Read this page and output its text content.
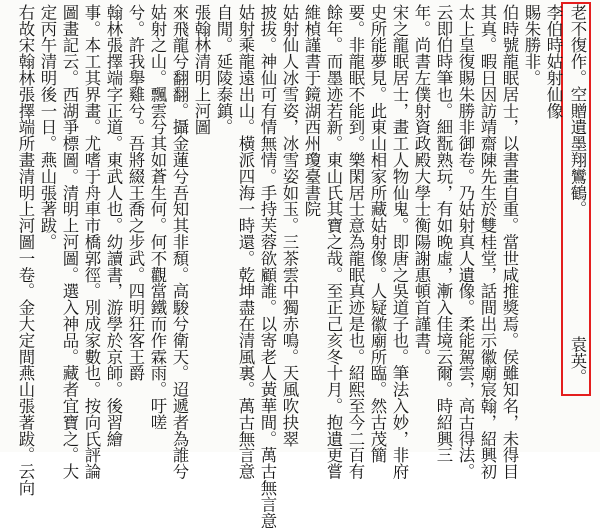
老不復作。空贈遺墨翔鸞鶴。
袁英。
李伯時姑射仙像
賜朱勝非。
伯時號龍眠居士，以書畫自重。當世咸推獎焉。侯雖知名，未得目
其真。暇日因訪靖齋陳先生於雙桂堂，話間出示徽廟宸翰，紹興初
太上皇復賜朱勝非御卷。乃姑射真人遺像。柔能駕雲，高古得法。
云即伯時筆也。細翫熟玩，有如晚虛，漸入佳境云爾。時紹興三
年。尚書左僕射資政殿大學士衡陽謝惠頓首謹書。
宋之龍眠居士，畫工人物仙鬼。即唐之吳道子也。筆法入妙，非府
史所能夢見。此東山相家所藏姑射像。人疑徽廟所臨。然古茂簡
要。非龍眠不能到。樂閑居士意為龍眠真迹是也。紹熙至今二百有
餘年。而墨迹若新。東山氏其寶之哉。至正己亥冬十月。抱遺更嘗
維楨謹書于鏡湖西州瓊臺書院
姑射仙人冰雪姿，冰雪姿如玉。三茶雲中獨赤鳴。天風吹抉翠
披拔。神仙可有情無情。手持芙蓉欲顧誰。以寄老人黃華間。萬古無言意
姑射乘龍遠出山。橫派四海一時還。乾坤盡在清風裏。萬古無言意
自閒。延陵泰鎮。
張翰林清明上河圖
來飛龍兮翻翻。攝金蓮兮吾知其非頹。高駿兮衛天。迢遞者為誰兮
姑射之山。飄雲兮其如蒼生何。何不觀當鐵而作霖雨。吁嗟
兮。許我舉雞兮。吾將綴王喬之步武。四明狂客王爵
翰林張擇端字正道。東武人也。幼讀書，游學於京師。後習繪
事。本工其界畫。尤嗜于舟車市橋郭徑。別成家數也。按向氏評論
圖畫記云。西湖爭標圖。清明上河圖。選入神品。藏者宜寶之。大
定丙午清明後一日。燕山張著跋。
右故宋翰林張擇端所畫清明上河圖一卷。金大定間燕山張著跋。云向
